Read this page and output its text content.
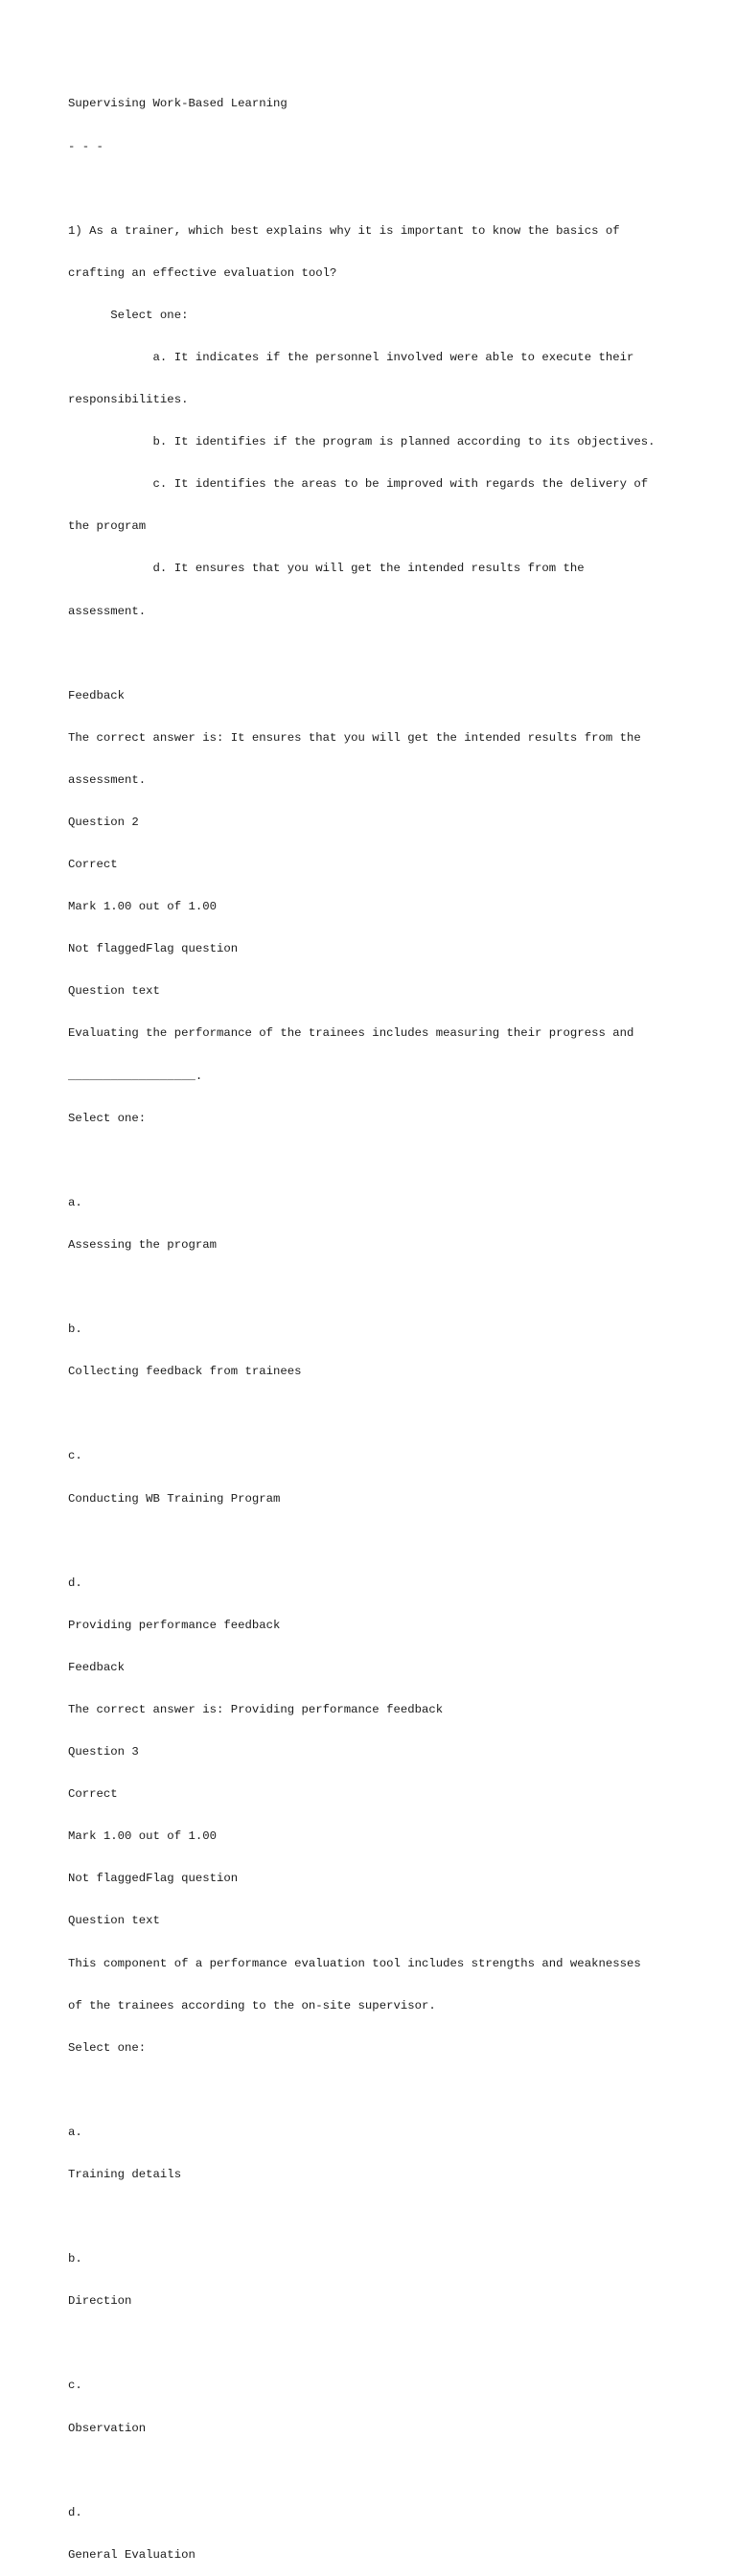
Supervising Work-Based Learning

- - -

1) As a trainer, which best explains why it is important to know the basics of

crafting an effective evaluation tool?

Select one:

a. It indicates if the personnel involved were able to execute their

responsibilities.

b. It identifies if the program is planned according to its objectives.

c. It identifies the areas to be improved with regards the delivery of

the program

d. It ensures that you will get the intended results from the

assessment.

Feedback

The correct answer is: It ensures that you will get the intended results from the

assessment.

Question 2

Correct

Mark 1.00 out of 1.00

Not flaggedFlag question

Question text

Evaluating the performance of the trainees includes measuring their progress and

__________________.

Select one:

a.

Assessing the program

b.

Collecting feedback from trainees

c.

Conducting WB Training Program

d.

Providing performance feedback

Feedback

The correct answer is: Providing performance feedback

Question 3

Correct

Mark 1.00 out of 1.00

Not flaggedFlag question

Question text

This component of a performance evaluation tool includes strengths and weaknesses

of the trainees according to the on-site supervisor.

Select one:

a.

Training details

b.

Direction

c.

Observation

d.

General Evaluation
